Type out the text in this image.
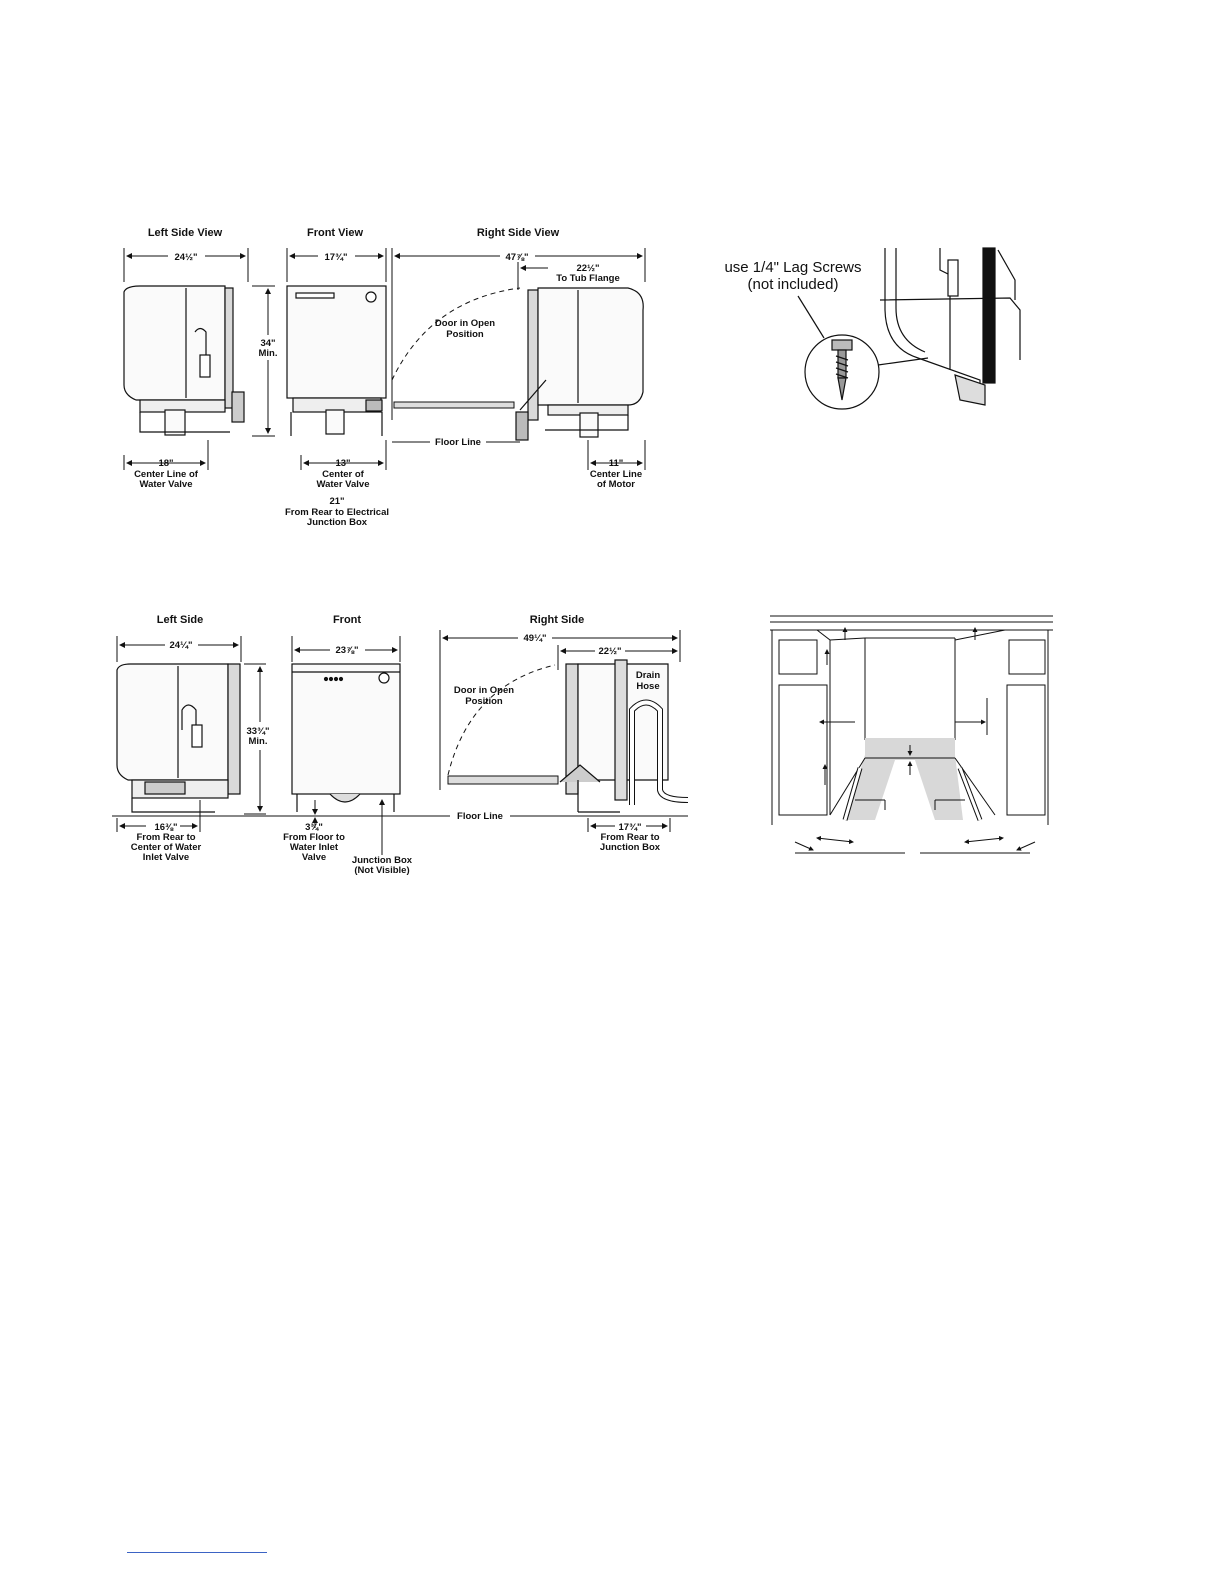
Left Side View	Front View	Right Side View
24½"	17¾"	47⅞"
22½"
To Tub Flange
34"
Min.
Door in Open
Position
Floor Line
18"
Center Line of
Water Valve
13"
Center of
Water Valve
21"
From Rear to Electrical
Junction Box
11"
Center Line
of Motor
use 1/4" Lag Screws
(not included)
Left Side	Front	Right Side
24¼"	23⅞"
49¼"
22½"
33¾"
Min.
Door in Open
Position
Drain
Hose
Floor Line
16⅜"
From Rear to
Center of Water
Inlet Valve
3¾"
From Floor to
Water Inlet
Valve	Junction Box
(Not Visible)
17¾"
From Rear to
Junction Box
